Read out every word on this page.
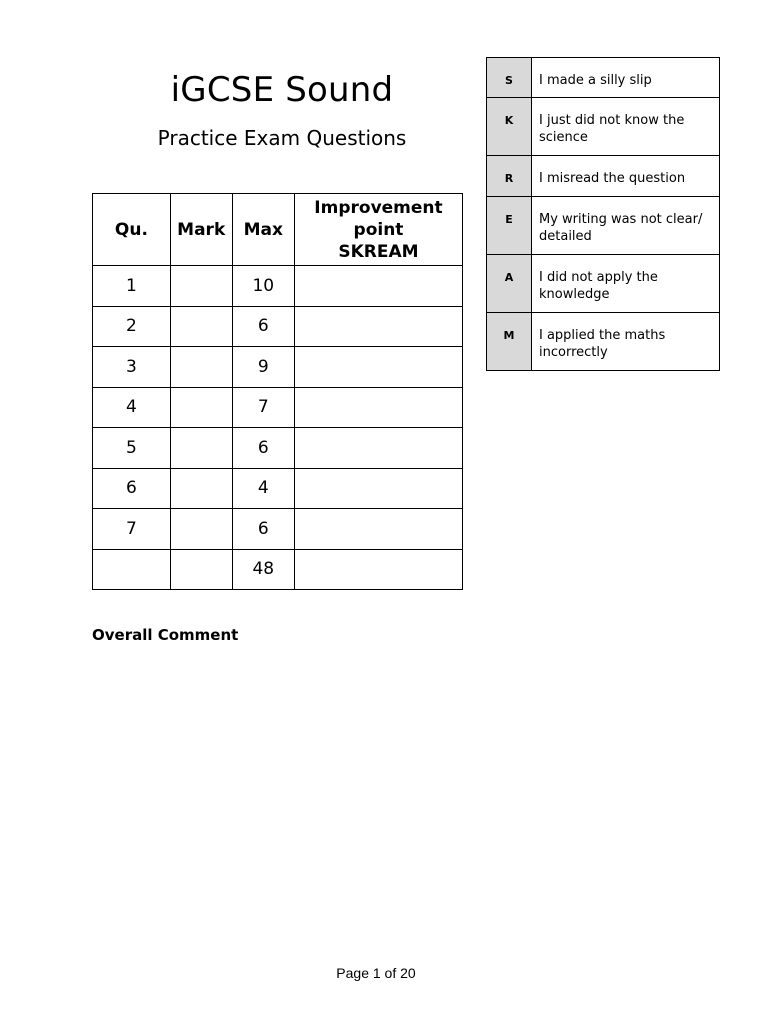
iGCSE Sound
Practice Exam Questions
Qu.	Mark	Max	Improvement
point
SKREAM

1		10	
2		6	
3		9	
4		7	
5		6	
6		4	
7		6	
		48	
S	I made a silly slip
K	I just did not know the science
R	I misread the question
E	My writing was not clear/ detailed
A	I did not apply the knowledge
M	I applied the maths incorrectly
Overall Comment
Page 1 of 20
